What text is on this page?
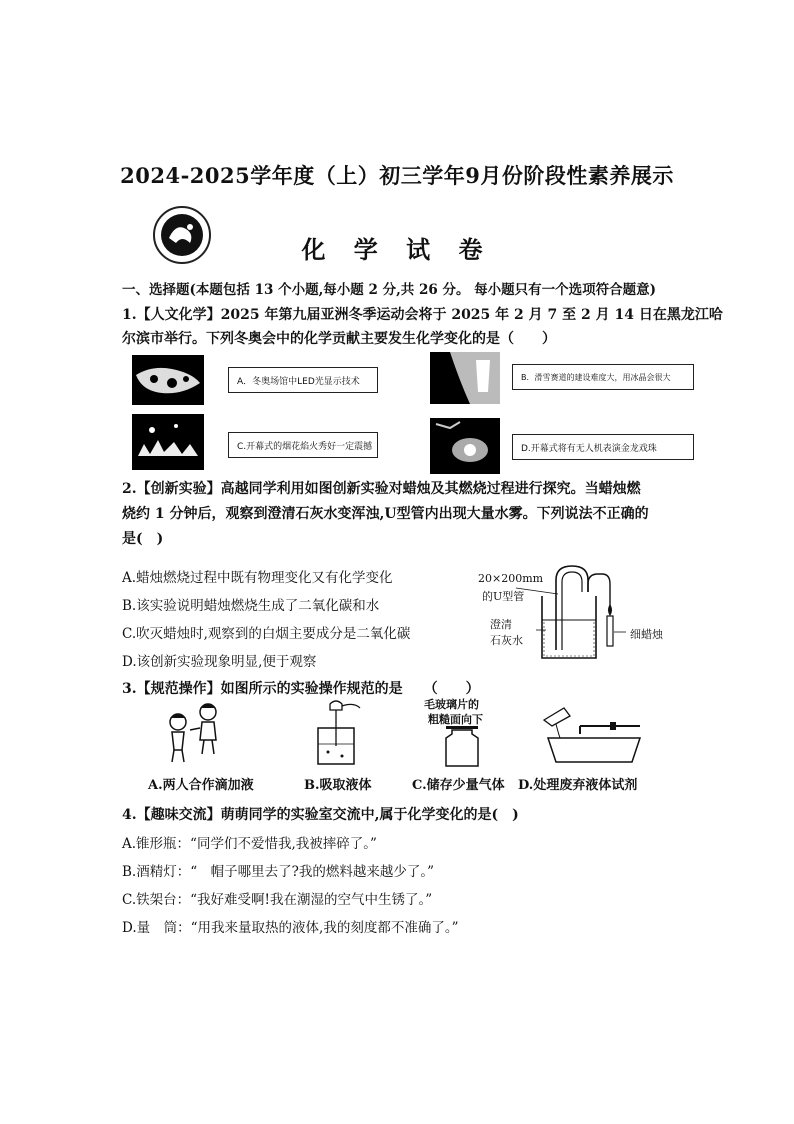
2024-2025学年度（上）初三学年9月份阶段性素养展示
化 学 试 卷
一、选择题(本题包括 13 个小题,每小题 2 分,共 26 分。 每小题只有一个选项符合题意)
1.【人文化学】2025 年第九届亚洲冬季运动会将于 2025 年 2 月 7 至 2 月 14 日在黑龙江哈
尔滨市举行。下列冬奥会中的化学贡献主要发生化学变化的是（　　）
A．冬奥场馆中LED光显示技术	B．滑雪赛道的建设难度大，用冰晶会很大
C.开幕式的烟花焰火秀好一定震撼	D.开幕式将有无人机表演金龙戏珠
2.【创新实验】高越同学利用如图创新实验对蜡烛及其燃烧过程进行探究。当蜡烛燃
烧约 1 分钟后，观察到澄清石灰水变浑浊,U型管内出现大量水雾。下列说法不正确的
是(　)
A.蜡烛燃烧过程中既有物理变化又有化学变化
B.该实验说明蜡烛燃烧生成了二氧化碳和水
C.吹灭蜡烛时,观察到的白烟主要成分是二氧化碳
D.该创新实验现象明显,便于观察
20×200mm
的U型管
澄清
石灰水	细蜡烛
3.【规范操作】如图所示的实验操作规范的是　　（　　）
毛玻璃片的
粗糙面向下
A.两人合作滴加液	B.吸取液体	C.储存少量气体 D.处理废弃液体试剂
4.【趣味交流】萌萌同学的实验室交流中,属于化学变化的是(　)
A.锥形瓶：“同学们不爱惜我,我被摔碎了。”
B.酒精灯：“　帽子哪里去了?我的燃料越来越少了。”
C.铁架台：“我好难受啊!我在潮湿的空气中生锈了。”
D.量　筒：“用我来量取热的液体,我的刻度都不准确了。”
